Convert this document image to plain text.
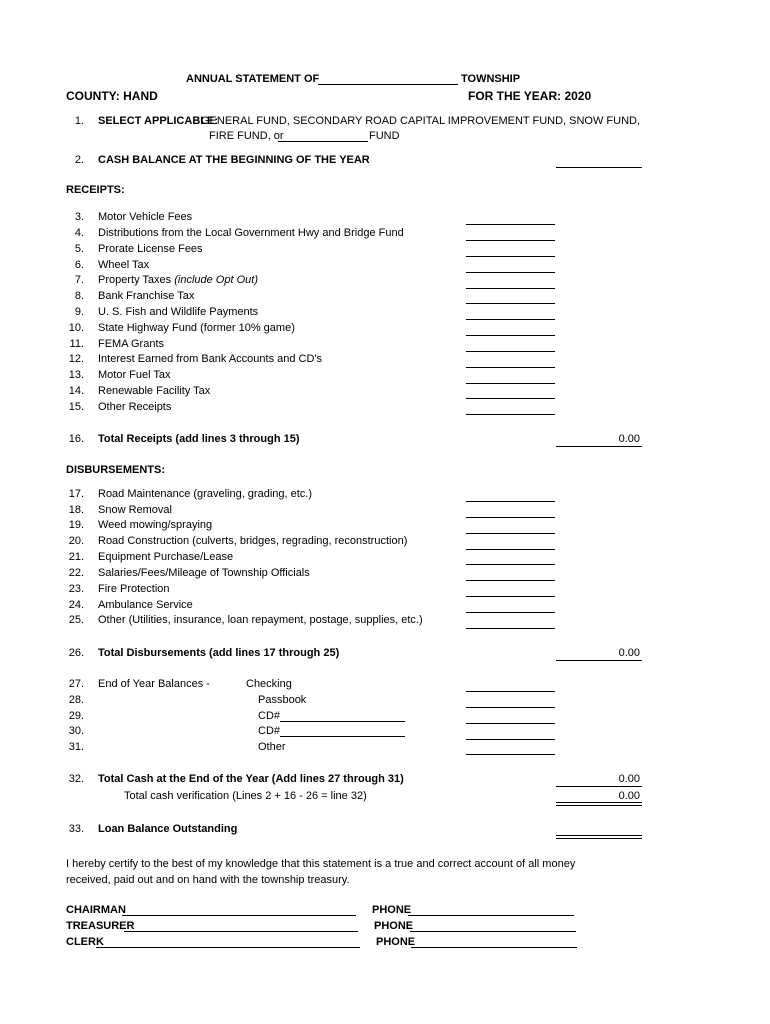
ANNUAL STATEMENT OF	TOWNSHIP
COUNTY: HAND	FOR THE YEAR: 2020
1. SELECT APPLICABLE:
GENERAL FUND, SECONDARY ROAD CAPITAL IMPROVEMENT FUND, SNOW FUND,
FIRE FUND, or	FUND
2. CASH BALANCE AT THE BEGINNING OF THE YEAR
RECEIPTS:
3. Motor Vehicle Fees
4. Distributions from the Local Government Hwy and Bridge Fund
5. Prorate License Fees
6. Wheel Tax
7. Property Taxes (include Opt Out)
8. Bank Franchise Tax
9. U. S. Fish and Wildlife Payments
10. State Highway Fund (former 10% game)
11. FEMA Grants
12. Interest Earned from Bank Accounts and CD's
13. Motor Fuel Tax
14. Renewable Facility Tax
15. Other Receipts
16. Total Receipts (add lines 3 through 15)	0.00
DISBURSEMENTS:
17. Road Maintenance (graveling, grading, etc.)
18. Snow Removal
19. Weed mowing/spraying
20. Road Construction (culverts, bridges, regrading, reconstruction)
21. Equipment Purchase/Lease
22. Salaries/Fees/Mileage of Township Officials
23. Fire Protection
24. Ambulance Service
25. Other (Utilities, insurance, loan repayment, postage, supplies, etc.)
26. Total Disbursements (add lines 17 through 25)	0.00
27. End of Year Balances -	Checking
28.	Passbook
29.	CD#
30.	CD#
31.	Other
32. Total Cash at the End of the Year (Add lines 27 through 31)	0.00
Total cash verification (Lines 2 + 16 - 26 = line 32)	0.00
33. Loan Balance Outstanding
I hereby certify to the best of my knowledge that this statement is a true and correct account of all money
received, paid out and on hand with the township treasury.
CHAIRMAN	PHONE
TREASURER	PHONE
CLERK	PHONE
